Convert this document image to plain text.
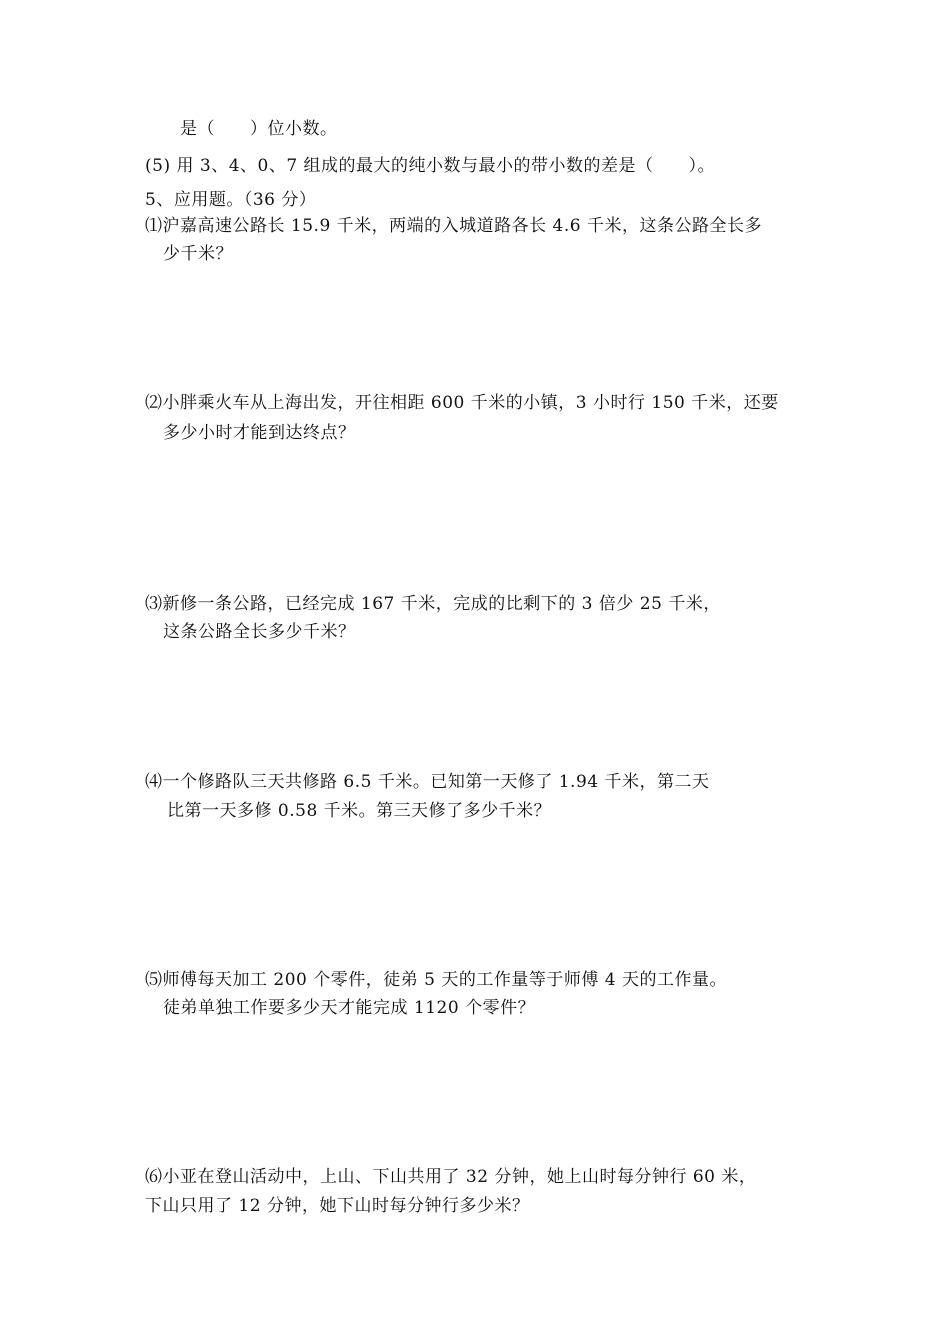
是（　　）位小数。
(5) 用 3、4、0、7 组成的最大的纯小数与最小的带小数的差是（　　）。
5、应用题。（36 分）
⑴沪嘉高速公路长 15.9 千米，两端的入城道路各长 4.6 千米，这条公路全长多
少千米？
⑵小胖乘火车从上海出发，开往相距 600 千米的小镇，3 小时行 150 千米，还要
多少小时才能到达终点？
⑶新修一条公路，已经完成 167 千米，完成的比剩下的 3 倍少 25 千米，
这条公路全长多少千米？
⑷一个修路队三天共修路 6.5 千米。已知第一天修了 1.94 千米，第二天
比第一天多修 0.58 千米。第三天修了多少千米？
⑸师傅每天加工 200 个零件，徒弟 5 天的工作量等于师傅 4 天的工作量。
徒弟单独工作要多少天才能完成 1120 个零件？
⑹小亚在登山活动中，上山、下山共用了 32 分钟，她上山时每分钟行 60 米，
下山只用了 12 分钟，她下山时每分钟行多少米？
